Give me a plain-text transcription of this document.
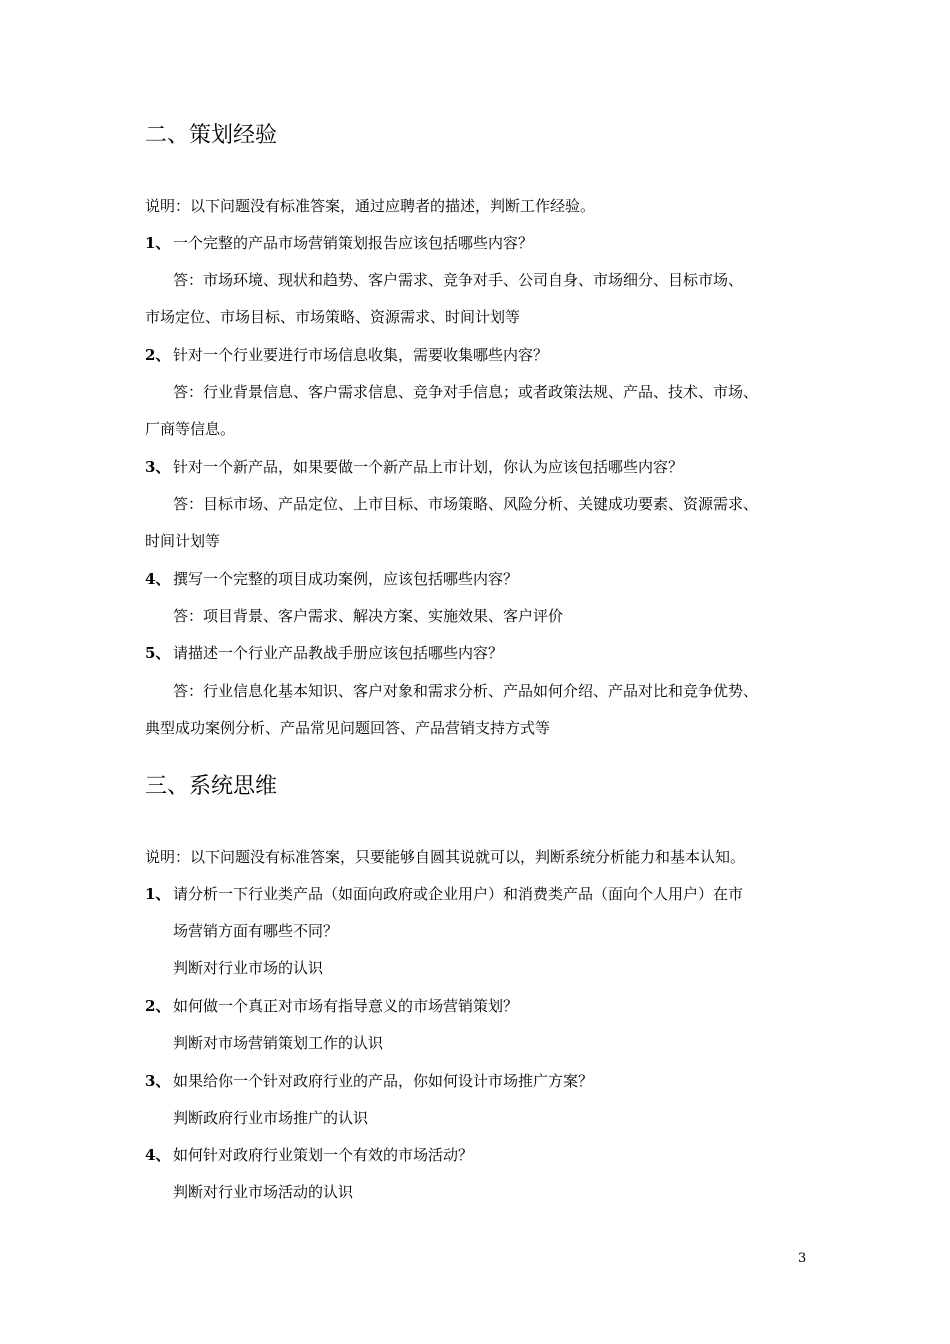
二、策划经验
说明：以下问题没有标准答案，通过应聘者的描述，判断工作经验。
1、 一个完整的产品市场营销策划报告应该包括哪些内容？
答：市场环境、现状和趋势、客户需求、竞争对手、公司自身、市场细分、目标市场、
市场定位、市场目标、市场策略、资源需求、时间计划等
2、 针对一个行业要进行市场信息收集，需要收集哪些内容？
答：行业背景信息、客户需求信息、竞争对手信息；或者政策法规、产品、技术、市场、
厂商等信息。
3、 针对一个新产品，如果要做一个新产品上市计划，你认为应该包括哪些内容？
答：目标市场、产品定位、上市目标、市场策略、风险分析、关键成功要素、资源需求、
时间计划等
4、 撰写一个完整的项目成功案例，应该包括哪些内容？
答：项目背景、客户需求、解决方案、实施效果、客户评价
5、 请描述一个行业产品教战手册应该包括哪些内容？
答：行业信息化基本知识、客户对象和需求分析、产品如何介绍、产品对比和竞争优势、
典型成功案例分析、产品常见问题回答、产品营销支持方式等
三、系统思维
说明：以下问题没有标准答案，只要能够自圆其说就可以，判断系统分析能力和基本认知。
1、 请分析一下行业类产品（如面向政府或企业用户）和消费类产品（面向个人用户）在市
场营销方面有哪些不同？
判断对行业市场的认识
2、 如何做一个真正对市场有指导意义的市场营销策划？
判断对市场营销策划工作的认识
3、 如果给你一个针对政府行业的产品，你如何设计市场推广方案？
判断政府行业市场推广的认识
4、 如何针对政府行业策划一个有效的市场活动？
判断对行业市场活动的认识
3
